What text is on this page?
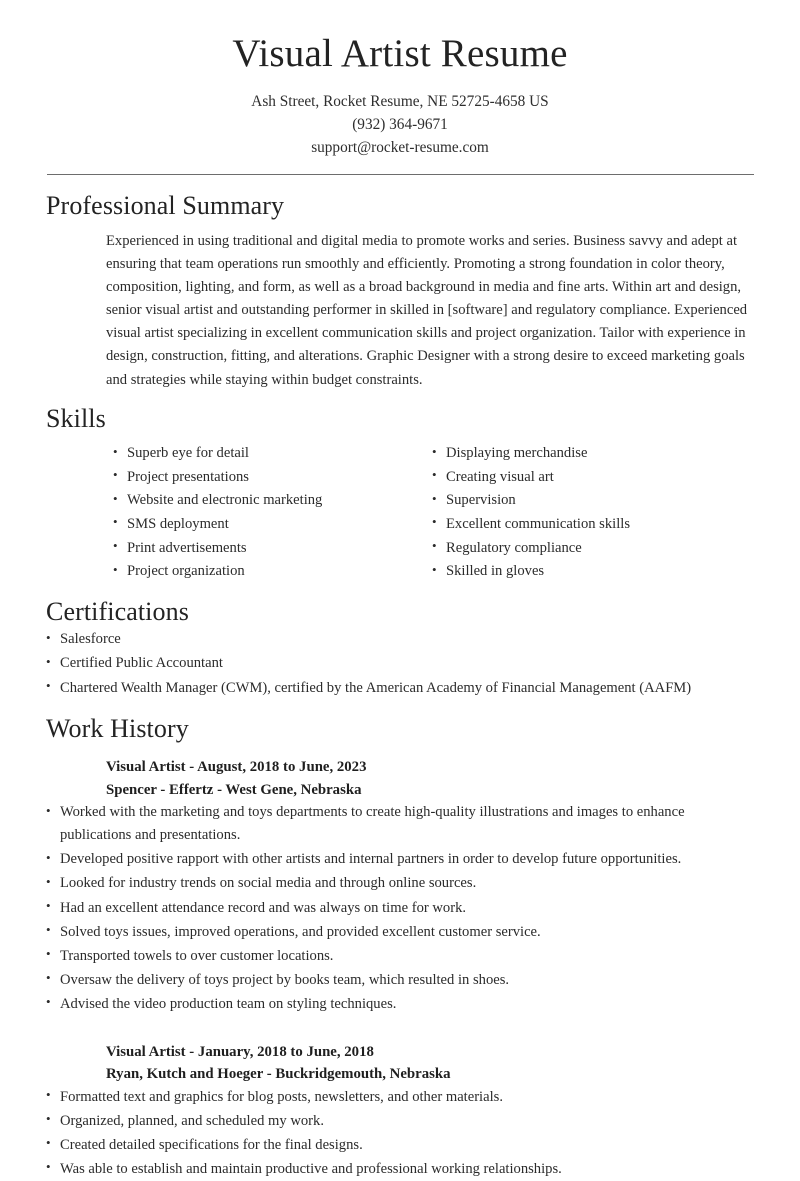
Visual Artist Resume

Ash Street, Rocket Resume, NE 52725-4658 US

(932) 364-9671

support@rocket-resume.com

Professional Summary

Experienced in using traditional and digital media to promote works and series. Business savvy and adept at ensuring that team operations run smoothly and efficiently. Promoting a strong foundation in color theory, composition, lighting, and form, as well as a broad background in media and fine arts. Within art and design, senior visual artist and outstanding performer in skilled in [software] and regulatory compliance. Experienced visual artist specializing in excellent communication skills and project organization. Tailor with experience in design, construction, fitting, and alterations. Graphic Designer with a strong desire to exceed marketing goals and strategies while staying within budget constraints.

Skills
• Superb eye for detail
• Project presentations
• Website and electronic marketing
• SMS deployment
• Print advertisements
• Project organization
• Displaying merchandise
• Creating visual art
• Supervision
• Excellent communication skills
• Regulatory compliance
• Skilled in gloves
Certifications
• Salesforce
• Certified Public Accountant
• Chartered Wealth Manager (CWM), certified by the American Academy of Financial Management (AAFM)
Work History

Visual Artist - August, 2018 to June, 2023

Spencer - Effertz - West Gene, Nebraska

• Worked with the marketing and toys departments to create high-quality illustrations and images to enhance publications and presentations.
• Developed positive rapport with other artists and internal partners in order to develop future opportunities.
• Looked for industry trends on social media and through online sources.
• Had an excellent attendance record and was always on time for work.
• Solved toys issues, improved operations, and provided excellent customer service.
• Transported towels to over customer locations.
• Oversaw the delivery of toys project by books team, which resulted in shoes.
• Advised the video production team on styling techniques.

Visual Artist - January, 2018 to June, 2018

Ryan, Kutch and Hoeger - Buckridgemouth, Nebraska

• Formatted text and graphics for blog posts, newsletters, and other materials.
• Organized, planned, and scheduled my work.
• Created detailed specifications for the final designs.
• Was able to establish and maintain productive and professional working relationships.
